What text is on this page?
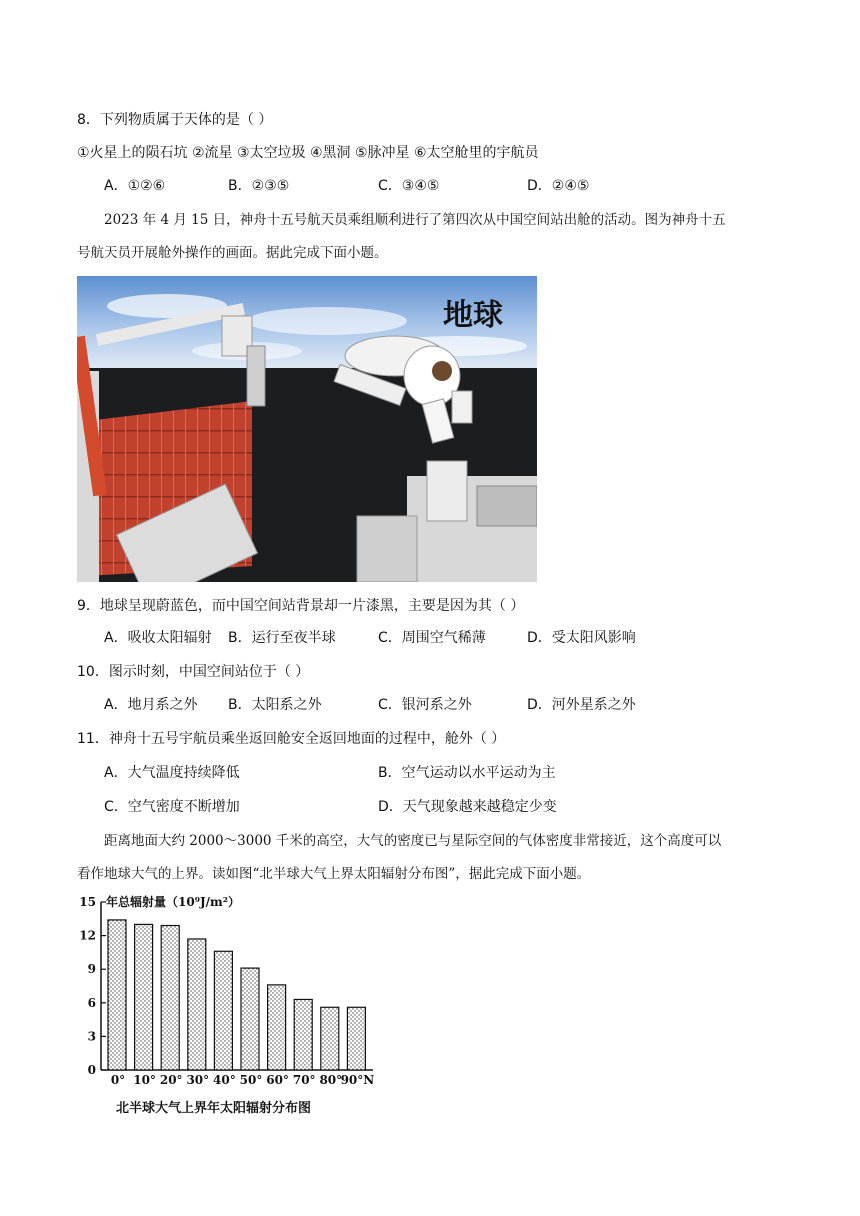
8．下列物质属于天体的是（ ）
①火星上的陨石坑 ②流星 ③太空垃圾 ④黑洞 ⑤脉冲星 ⑥太空舱里的宇航员
A．①②⑥	B．②③⑤	C．③④⑤	D．②④⑤
2023 年 4 月 15 日，神舟十五号航天员乘组顺利进行了第四次从中国空间站出舱的活动。图为神舟十五
号航天员开展舱外操作的画面。据此完成下面小题。
地球
9．地球呈现蔚蓝色，而中国空间站背景却一片漆黑，主要是因为其（ ）
A．吸收太阳辐射 B．运行至夜半球	C．周围空气稀薄	D．受太阳风影响
10．图示时刻，中国空间站位于（ ）
A．地月系之外 B．太阳系之外	C．银河系之外	D．河外星系之外
11．神舟十五号宇航员乘坐返回舱安全返回地面的过程中，舱外（ ）
A．大气温度持续降低	B．空气运动以水平运动为主
C．空气密度不断增加	D．天气现象越来越稳定少变
距离地面大约 2000～3000 千米的高空，大气的密度已与星际空间的气体密度非常接近，这个高度可以
看作地球大气的上界。读如图“北半球大气上界太阳辐射分布图”，据此完成下面小题。
0
3
6
9
12
15
0° 10° 20° 30° 40° 50° 60° 70° 80°
90°N
年总辐射量（10⁹J/m²）
北半球大气上界年太阳辐射分布图
